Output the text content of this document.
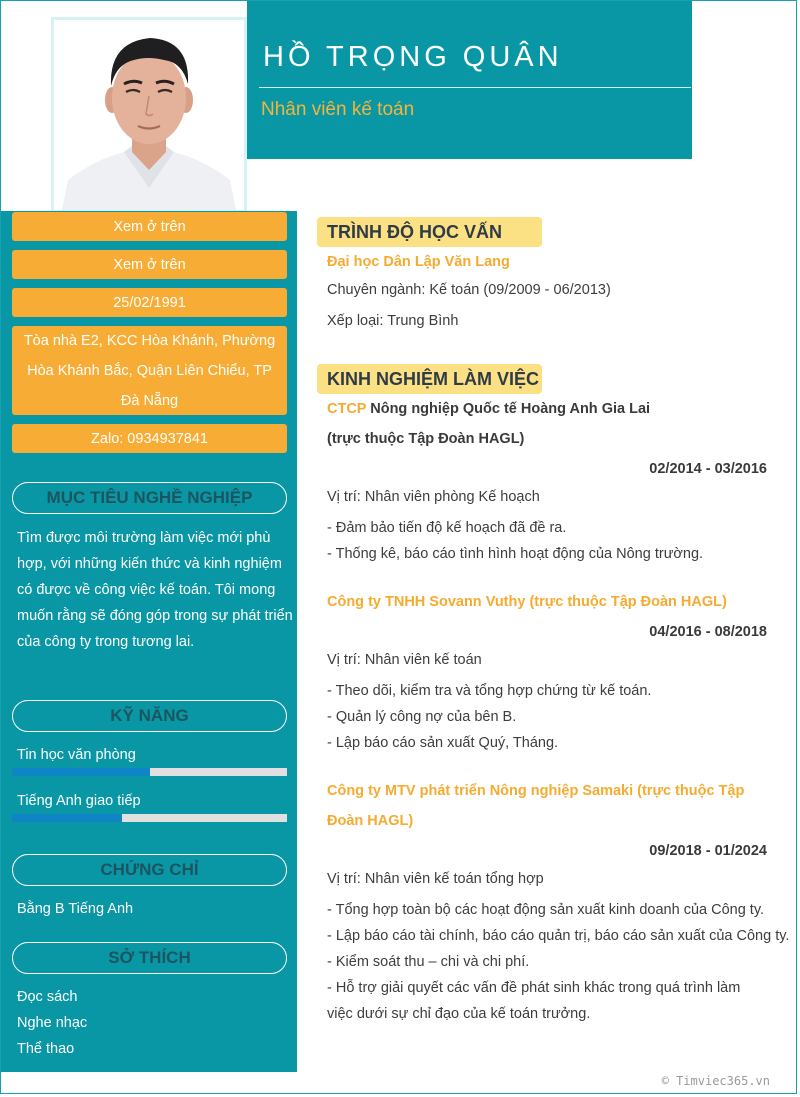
HỒ TRỌNG QUÂN
Nhân viên kế toán
Xem ở trên
Xem ở trên
25/02/1991
Tòa nhà E2, KCC Hòa Khánh, Phường Hòa Khánh Bắc, Quận Liên Chiểu, TP Đà Nẵng
Zalo: 0934937841
MỤC TIÊU NGHỀ NGHIỆP
Tìm được môi trường làm việc mới phù hợp, với những kiến thức và kinh nghiệm có được về công việc kế toán. Tôi mong muốn rằng sẽ đóng góp trong sự phát triển của công ty trong tương lai.
KỸ NĂNG
Tin học văn phòng
Tiếng Anh giao tiếp
CHỨNG CHỈ
Bằng B Tiếng Anh
SỞ THÍCH
Đọc sách
Nghe nhạc
Thể thao
TRÌNH ĐỘ HỌC VẤN
Đại học Dân Lập Văn Lang
Chuyên ngành: Kế toán (09/2009 - 06/2013)
Xếp loại: Trung Bình
KINH NGHIỆM LÀM VIỆC
CTCP Nông nghiệp Quốc tế Hoàng Anh Gia Lai
(trực thuộc Tập Đoàn HAGL)
02/2014 - 03/2016
Vị trí: Nhân viên phòng Kế hoạch
- Đảm bảo tiến độ kế hoạch đã đề ra.
- Thống kê, báo cáo tình hình hoạt động của Nông trường.
Công ty TNHH Sovann Vuthy (trực thuộc Tập Đoàn HAGL)
04/2016 - 08/2018
Vị trí: Nhân viên kế toán
- Theo dõi, kiểm tra và tổng hợp chứng từ kế toán.
- Quản lý công nợ của bên B.
- Lập báo cáo sản xuất Quý, Tháng.
Công ty MTV phát triển Nông nghiệp Samaki (trực thuộc Tập Đoàn HAGL)
09/2018 - 01/2024
Vị trí: Nhân viên kế toán tổng hợp
- Tổng hợp toàn bộ các hoạt động sản xuất kinh doanh của Công ty.
- Lập báo cáo tài chính, báo cáo quản trị, báo cáo sản xuất của Công ty.
- Kiểm soát thu – chi và chi phí.
- Hỗ trợ giải quyết các vấn đề phát sinh khác trong quá trình làm việc dưới sự chỉ đạo của kế toán trưởng.
© Timviec365.vn
